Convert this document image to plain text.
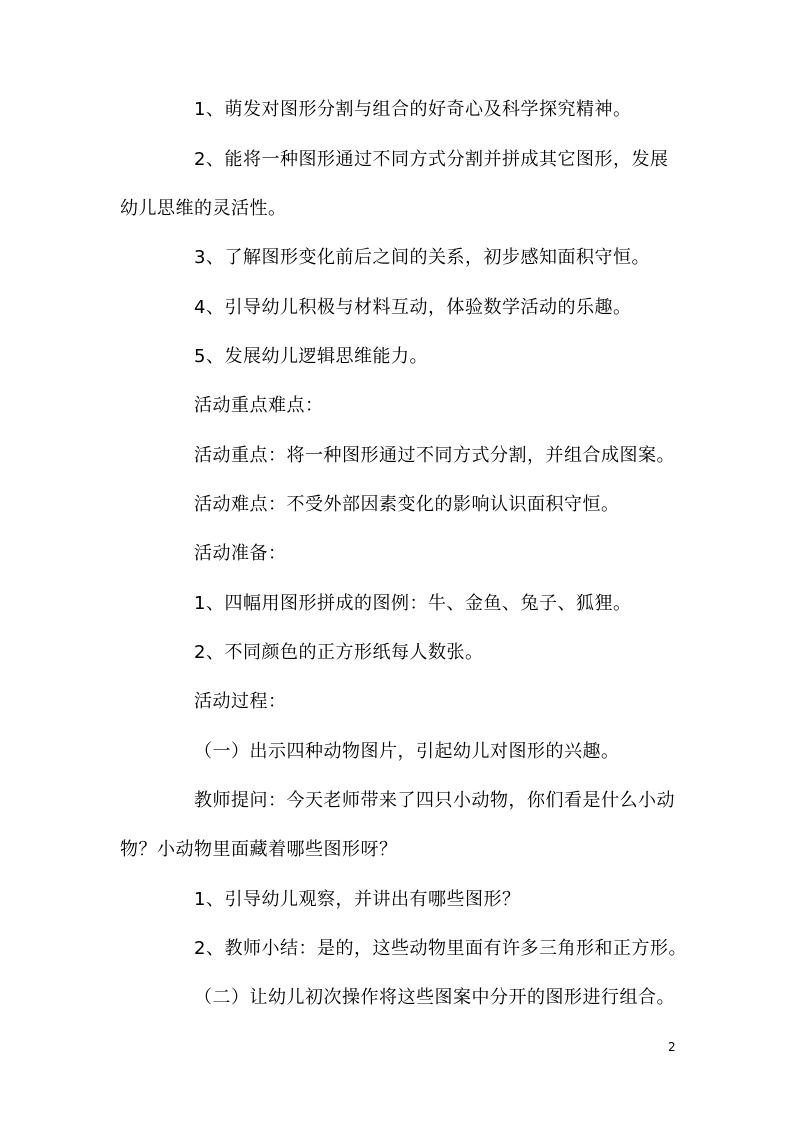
1、萌发对图形分割与组合的好奇心及科学探究精神。
2、能将一种图形通过不同方式分割并拼成其它图形，发展
幼儿思维的灵活性。
3、了解图形变化前后之间的关系，初步感知面积守恒。
4、引导幼儿积极与材料互动，体验数学活动的乐趣。
5、发展幼儿逻辑思维能力。
活动重点难点：
活动重点：将一种图形通过不同方式分割，并组合成图案。
活动难点：不受外部因素变化的影响认识面积守恒。
活动准备：
1、四幅用图形拼成的图例：牛、金鱼、兔子、狐狸。
2、不同颜色的正方形纸每人数张。
活动过程：
（一）出示四种动物图片，引起幼儿对图形的兴趣。
教师提问：今天老师带来了四只小动物，你们看是什么小动
物？小动物里面藏着哪些图形呀？
1、引导幼儿观察，并讲出有哪些图形？
2、教师小结：是的，这些动物里面有许多三角形和正方形。
（二）让幼儿初次操作将这些图案中分开的图形进行组合。
2
